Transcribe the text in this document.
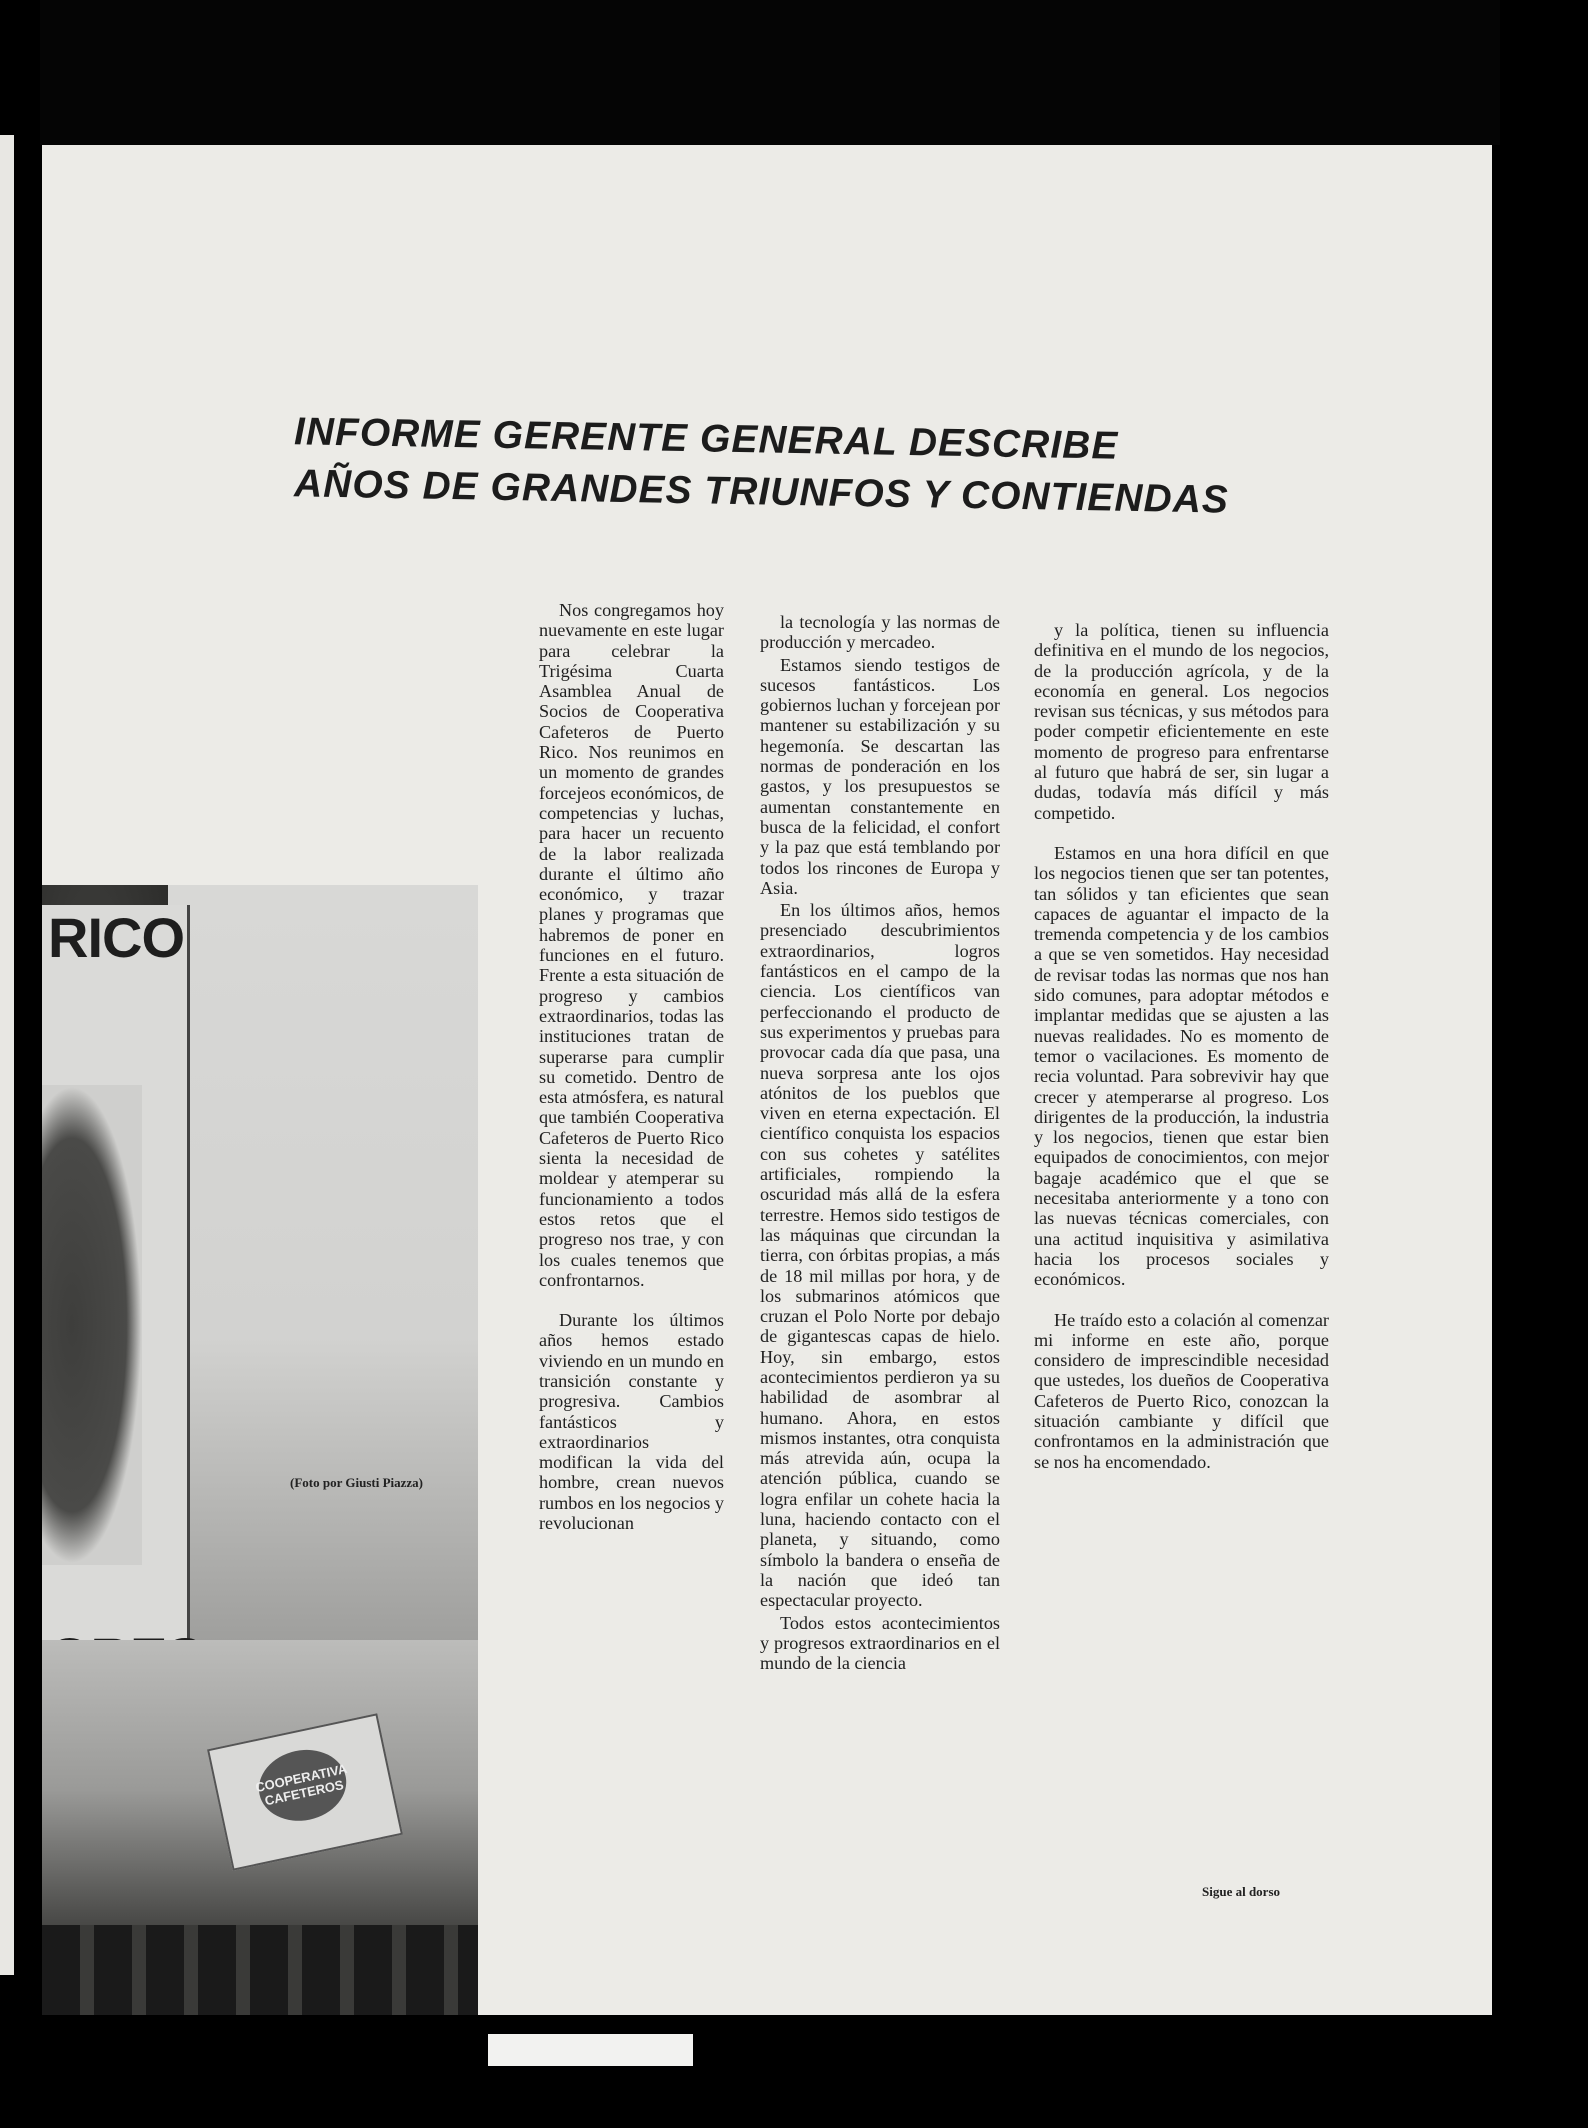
INFORME GERENTE GENERAL DESCRIBE
AÑOS DE GRANDES TRIUNFOS Y CONTIENDAS
RICO
COOPERATIVA CAFETEROS
(Foto por Giusti Piazza)

Nos congregamos hoy nuevamente en este lugar para celebrar la Trigésima Cuarta Asamblea Anual de Socios de Cooperativa Cafeteros de Puerto Rico. Nos reunimos en un momento de grandes forcejeos económicos, de competencias y luchas, para hacer un recuento de la labor realizada durante el último año económico, y trazar planes y programas que habremos de poner en funciones en el futuro. Frente a esta situación de progreso y cambios extraordinarios, todas las instituciones tratan de superarse para cumplir su cometido. Dentro de esta atmósfera, es natural que también Cooperativa Cafeteros de Puerto Rico sienta la necesidad de moldear y atemperar su funcionamiento a todos estos retos que el progreso nos trae, y con los cuales tenemos que confrontarnos.

Durante los últimos años hemos estado viviendo en un mundo en transición constante y progresiva. Cambios fantásticos y extraordinarios modifican la vida del hombre, crean nuevos rumbos en los negocios y revolucionan

la tecnología y las normas de producción y mercadeo.

Estamos siendo testigos de sucesos fantásticos. Los gobiernos luchan y forcejean por mantener su estabilización y su hegemonía. Se descartan las normas de ponderación en los gastos, y los presupuestos se aumentan constantemente en busca de la felicidad, el confort y la paz que está temblando por todos los rincones de Europa y Asia.

En los últimos años, hemos presenciado descubrimientos extraordinarios, logros fantásticos en el campo de la ciencia. Los científicos van perfeccionando el producto de sus experimentos y pruebas para provocar cada día que pasa, una nueva sorpresa ante los ojos atónitos de los pueblos que viven en eterna expectación. El científico conquista los espacios con sus cohetes y satélites artificiales, rompiendo la oscuridad más allá de la esfera terrestre. Hemos sido testigos de las máquinas que circundan la tierra, con órbitas propias, a más de 18 mil millas por hora, y de los submarinos atómicos que cruzan el Polo Norte por debajo de gigantescas capas de hielo. Hoy, sin embargo, estos acontecimientos perdieron ya su habilidad de asombrar al humano. Ahora, en estos mismos instantes, otra conquista más atrevida aún, ocupa la atención pública, cuando se logra enfilar un cohete hacia la luna, haciendo contacto con el planeta, y situando, como símbolo la bandera o enseña de la nación que ideó tan espectacular proyecto.

Todos estos acontecimientos y progresos extraordinarios en el mundo de la ciencia

y la política, tienen su influencia definitiva en el mundo de los negocios, de la producción agrícola, y de la economía en general. Los negocios revisan sus técnicas, y sus métodos para poder competir eficientemente en este momento de progreso para enfrentarse al futuro que habrá de ser, sin lugar a dudas, todavía más difícil y más competido.

Estamos en una hora difícil en que los negocios tienen que ser tan potentes, tan sólidos y tan eficientes que sean capaces de aguantar el impacto de la tremenda competencia y de los cambios a que se ven sometidos. Hay necesidad de revisar todas las normas que nos han sido comunes, para adoptar métodos e implantar medidas que se ajusten a las nuevas realidades. No es momento de temor o vacilaciones. Es momento de recia voluntad. Para sobrevivir hay que crecer y atemperarse al progreso. Los dirigentes de la producción, la industria y los negocios, tienen que estar bien equipados de conocimientos, con mejor bagaje académico que el que se necesitaba anteriormente y a tono con las nuevas técnicas comerciales, con una actitud inquisitiva y asimilativa hacia los procesos sociales y económicos.

He traído esto a colación al comenzar mi informe en este año, porque considero de imprescindible necesidad que ustedes, los dueños de Cooperativa Cafeteros de Puerto Rico, conozcan la situación cambiante y difícil que confrontamos en la administración que se nos ha encomendado.

Sigue al dorso
